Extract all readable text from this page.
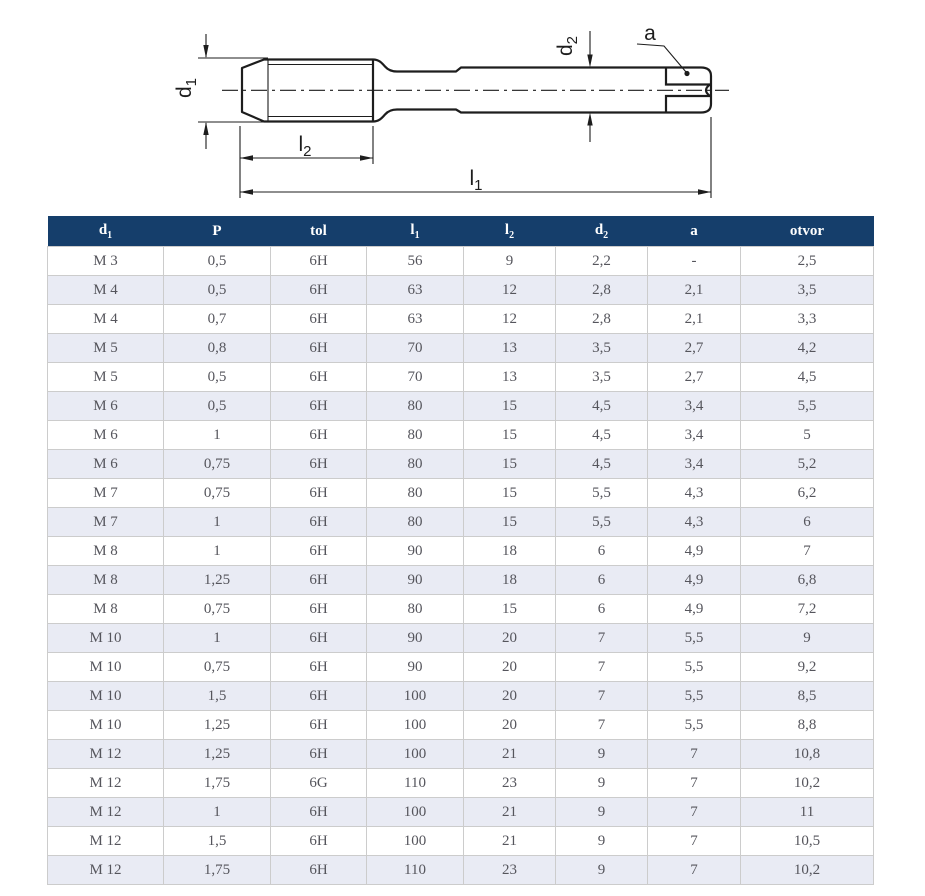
$d_1$
$l_2$
$l_1$
$d_2$	a
$d_1$	P	tol	$l_1$	$l_2$	$d_2$	a	otvor
M 3	0,5	6H	56	9	2,2	-	2,5
M 4	0,5	6H	63	12	2,8	2,1	3,5
M 4	0,7	6H	63	12	2,8	2,1	3,3
M 5	0,8	6H	70	13	3,5	2,7	4,2
M 5	0,5	6H	70	13	3,5	2,7	4,5
M 6	0,5	6H	80	15	4,5	3,4	5,5
M 6	1	6H	80	15	4,5	3,4	5
M 6	0,75	6H	80	15	4,5	3,4	5,2
M 7	0,75	6H	80	15	5,5	4,3	6,2
M 7	1	6H	80	15	5,5	4,3	6
M 8	1	6H	90	18	6	4,9	7
M 8	1,25	6H	90	18	6	4,9	6,8
M 8	0,75	6H	80	15	6	4,9	7,2
M 10	1	6H	90	20	7	5,5	9
M 10	0,75	6H	90	20	7	5,5	9,2
M 10	1,5	6H	100	20	7	5,5	8,5
M 10	1,25	6H	100	20	7	5,5	8,8
M 12	1,25	6H	100	21	9	7	10,8
M 12	1,75	6G	110	23	9	7	10,2
M 12	1	6H	100	21	9	7	11
M 12	1,5	6H	100	21	9	7	10,5
M 12	1,75	6H	110	23	9	7	10,2
